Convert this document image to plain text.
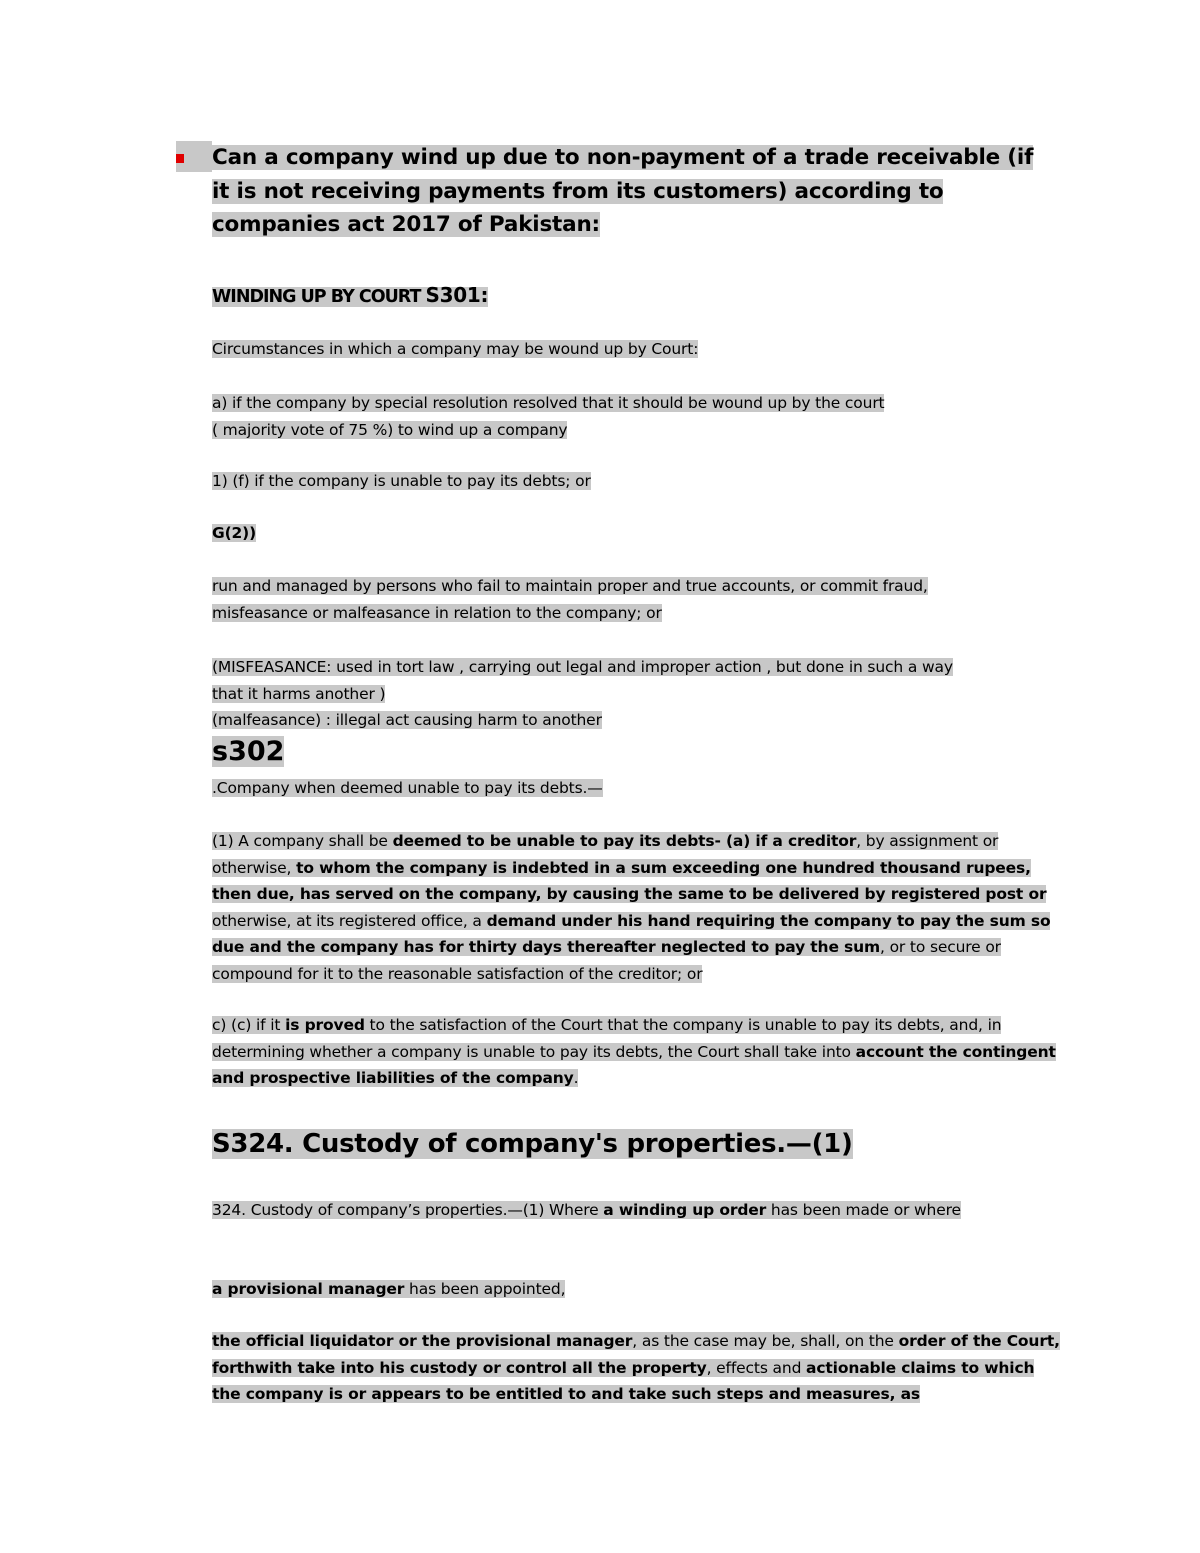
Can a company wind up due to non-payment of a trade receivable (if it is not receiving payments from its customers) according to companies act 2017 of Pakistan:

WINDING UP BY COURT S301:

Circumstances in which a company may be wound up by Court:

a) if the company by special resolution resolved that it should be wound up by the court
( majority vote of 75 %) to wind up a company

1) (f) if the company is unable to pay its debts; or

G(2))

run and managed by persons who fail to maintain proper and true accounts, or commit fraud,
misfeasance or malfeasance in relation to the company; or

(MISFEASANCE: used in tort law , carrying out legal and improper action , but done in such a way
that it harms another )
(malfeasance) : illegal act causing harm to another

s302

.Company when deemed unable to pay its debts.—

(1) A company shall be deemed to be unable to pay its debts- (a) if a creditor, by assignment or otherwise, to whom the company is indebted in a sum exceeding one hundred thousand rupees, then due, has served on the company, by causing the same to be delivered by registered post or otherwise, at its registered office, a demand under his hand requiring the company to pay the sum so due and the company has for thirty days thereafter neglected to pay the sum, or to secure or compound for it to the reasonable satisfaction of the creditor; or

c) (c) if it is proved to the satisfaction of the Court that the company is unable to pay its debts, and, in determining whether a company is unable to pay its debts, the Court shall take into account the contingent and prospective liabilities of the company.

S324. Custody of company's properties.—(1)

324. Custody of company’s properties.—(1) Where a winding up order has been made or where

a provisional manager has been appointed,

the official liquidator or the provisional manager, as the case may be, shall, on the order of the Court, forthwith take into his custody or control all the property, effects and actionable claims to which the company is or appears to be entitled to and take such steps and measures, as
